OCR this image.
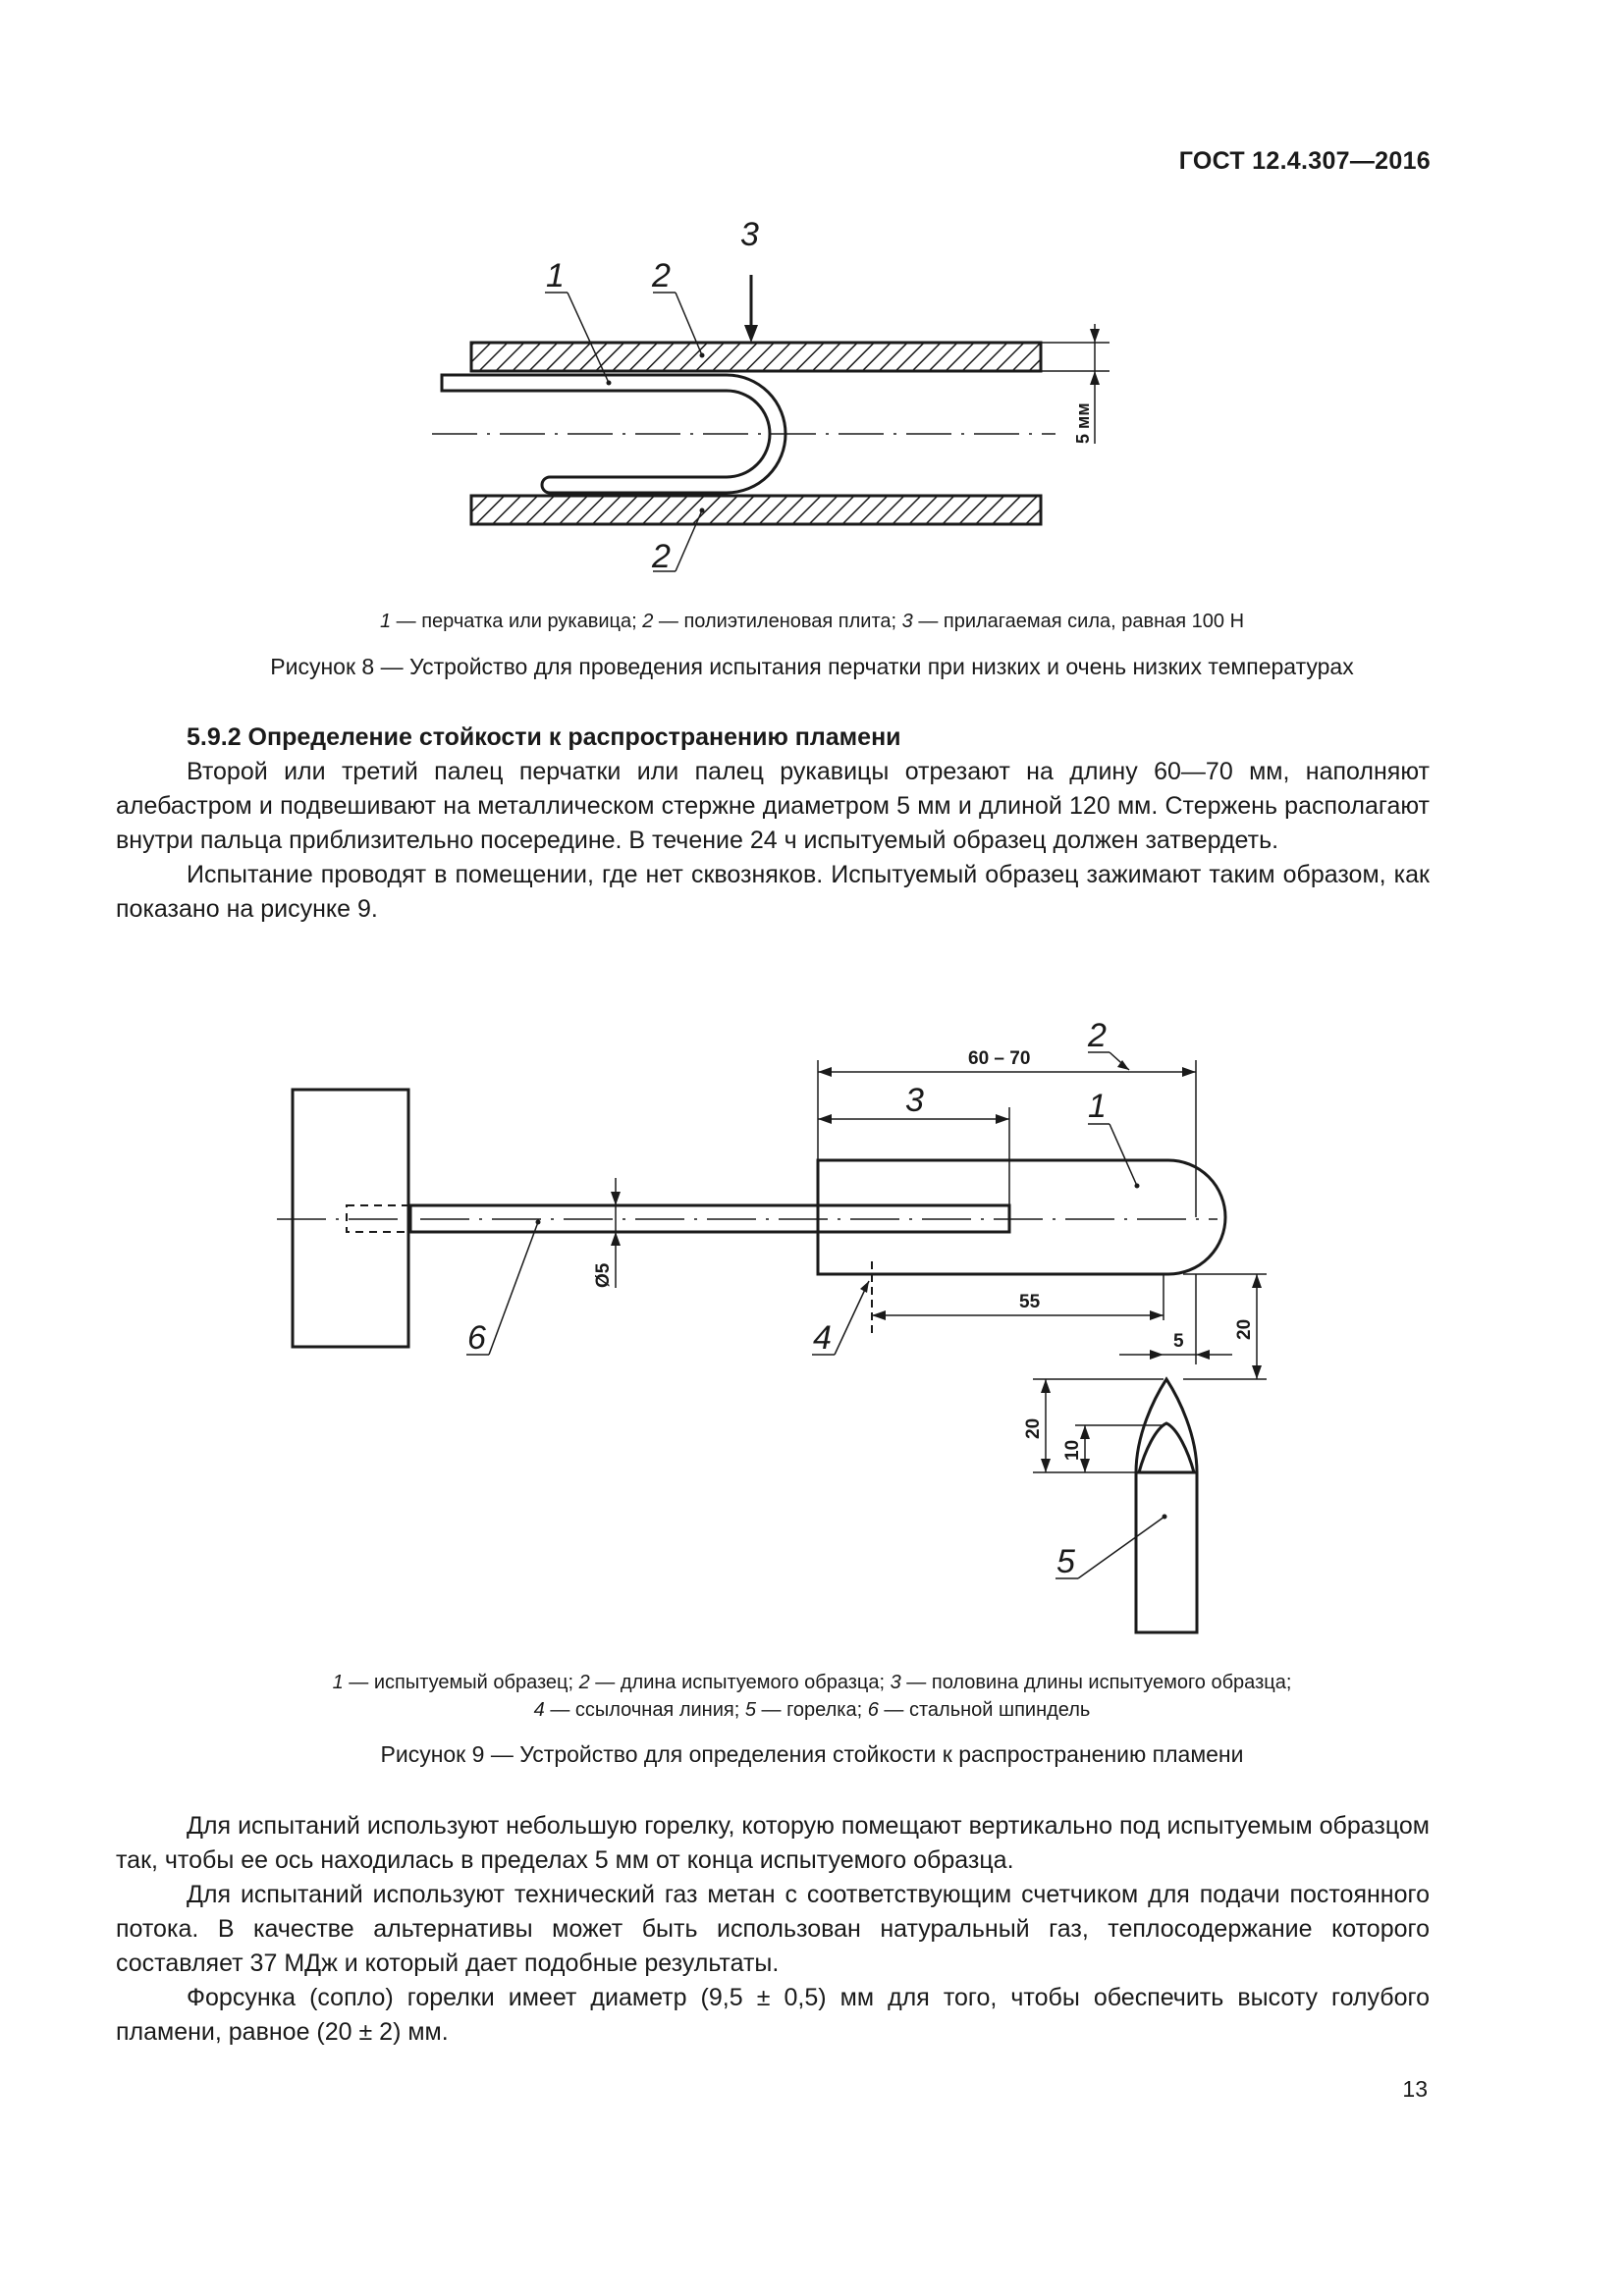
ГОСТ 12.4.307—2016
1	2
3
2
5 мм
1 — перчатка или рукавица; 2 — полиэтиленовая плита; 3 — прилагаемая сила, равная 100 Н
Рисунок 8 — Устройство для проведения испытания перчатки при низких и очень низких температурах

5.9.2 Определение стойкости к распространению пламени

Второй или третий палец перчатки или палец рукавицы отрезают на длину 60—70 мм, наполняют алебастром и подвешивают на металлическом стержне диаметром 5 мм и длиной 120 мм. Стержень располагают внутри пальца приблизительно посередине. В течение 24 ч испытуемый образец должен затвердеть.

Испытание проводят в помещении, где нет сквозняков. Испытуемый образец зажимают таким образом, как показано на рисунке 9.

2
3	1
6	4
5
60 – 70
55
5
20
Ø5
20
10
1 — испытуемый образец; 2 — длина испытуемого образца; 3 — половина длины испытуемого образца;
4 — ссылочная линия; 5 — горелка; 6 — стальной шпиндель
Рисунок 9 — Устройство для определения стойкости к распространению пламени

Для испытаний используют небольшую горелку, которую помещают вертикально под испытуемым образцом так, чтобы ее ось находилась в пределах 5 мм от конца испытуемого образца.

Для испытаний используют технический газ метан с соответствующим счетчиком для подачи постоянного потока. В качестве альтернативы может быть использован натуральный газ, теплосодержание которого составляет 37 МДж и который дает подобные результаты.

Форсунка (сопло) горелки имеет диаметр (9,5 ± 0,5) мм для того, чтобы обеспечить высоту голубого пламени, равное (20 ± 2) мм.

13
